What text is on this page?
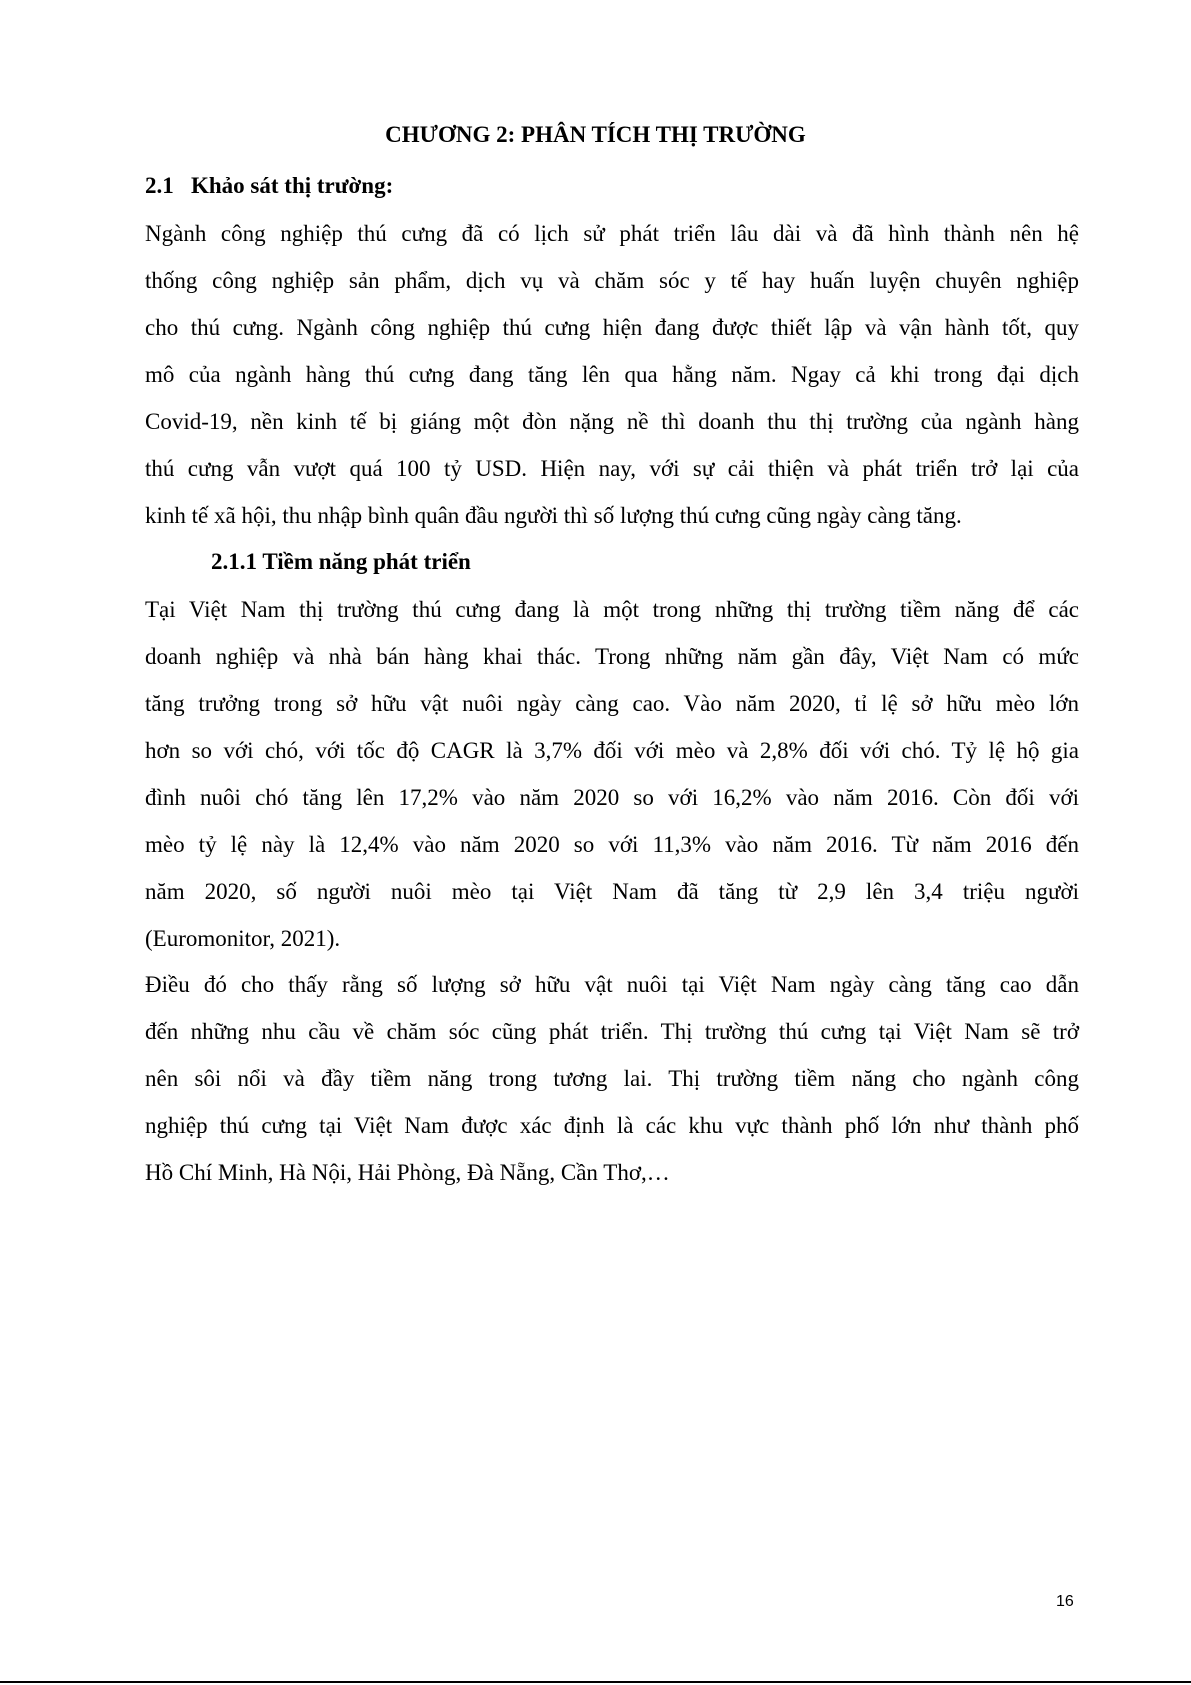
CHƯƠNG 2: PHÂN TÍCH THỊ TRƯỜNG
2.1 Khảo sát thị trường:
Ngành công nghiệp thú cưng đã có lịch sử phát triển lâu dài và đã hình thành nên hệ
thống công nghiệp sản phẩm, dịch vụ và chăm sóc y tế hay huấn luyện chuyên nghiệp
cho thú cưng. Ngành công nghiệp thú cưng hiện đang được thiết lập và vận hành tốt, quy
mô của ngành hàng thú cưng đang tăng lên qua hằng năm. Ngay cả khi trong đại dịch
Covid-19, nền kinh tế bị giáng một đòn nặng nề thì doanh thu thị trường của ngành hàng
thú cưng vẫn vượt quá 100 tỷ USD. Hiện nay, với sự cải thiện và phát triển trở lại của
kinh tế xã hội, thu nhập bình quân đầu người thì số lượng thú cưng cũng ngày càng tăng.
2.1.1 Tiềm năng phát triển
Tại Việt Nam thị trường thú cưng đang là một trong những thị trường tiềm năng để các
doanh nghiệp và nhà bán hàng khai thác. Trong những năm gần đây, Việt Nam có mức
tăng trưởng trong sở hữu vật nuôi ngày càng cao. Vào năm 2020, tỉ lệ sở hữu mèo lớn
hơn so với chó, với tốc độ CAGR là 3,7% đối với mèo và 2,8% đối với chó. Tỷ lệ hộ gia
đình nuôi chó tăng lên 17,2% vào năm 2020 so với 16,2% vào năm 2016. Còn đối với
mèo tỷ lệ này là 12,4% vào năm 2020 so với 11,3% vào năm 2016. Từ năm 2016 đến
năm 2020, số người nuôi mèo tại Việt Nam đã tăng từ 2,9 lên 3,4 triệu người
(Euromonitor, 2021).
Điều đó cho thấy rằng số lượng sở hữu vật nuôi tại Việt Nam ngày càng tăng cao dẫn
đến những nhu cầu về chăm sóc cũng phát triển. Thị trường thú cưng tại Việt Nam sẽ trở
nên sôi nổi và đầy tiềm năng trong tương lai. Thị trường tiềm năng cho ngành công
nghiệp thú cưng tại Việt Nam được xác định là các khu vực thành phố lớn như thành phố
Hồ Chí Minh, Hà Nội, Hải Phòng, Đà Nẵng, Cần Thơ,…
16
